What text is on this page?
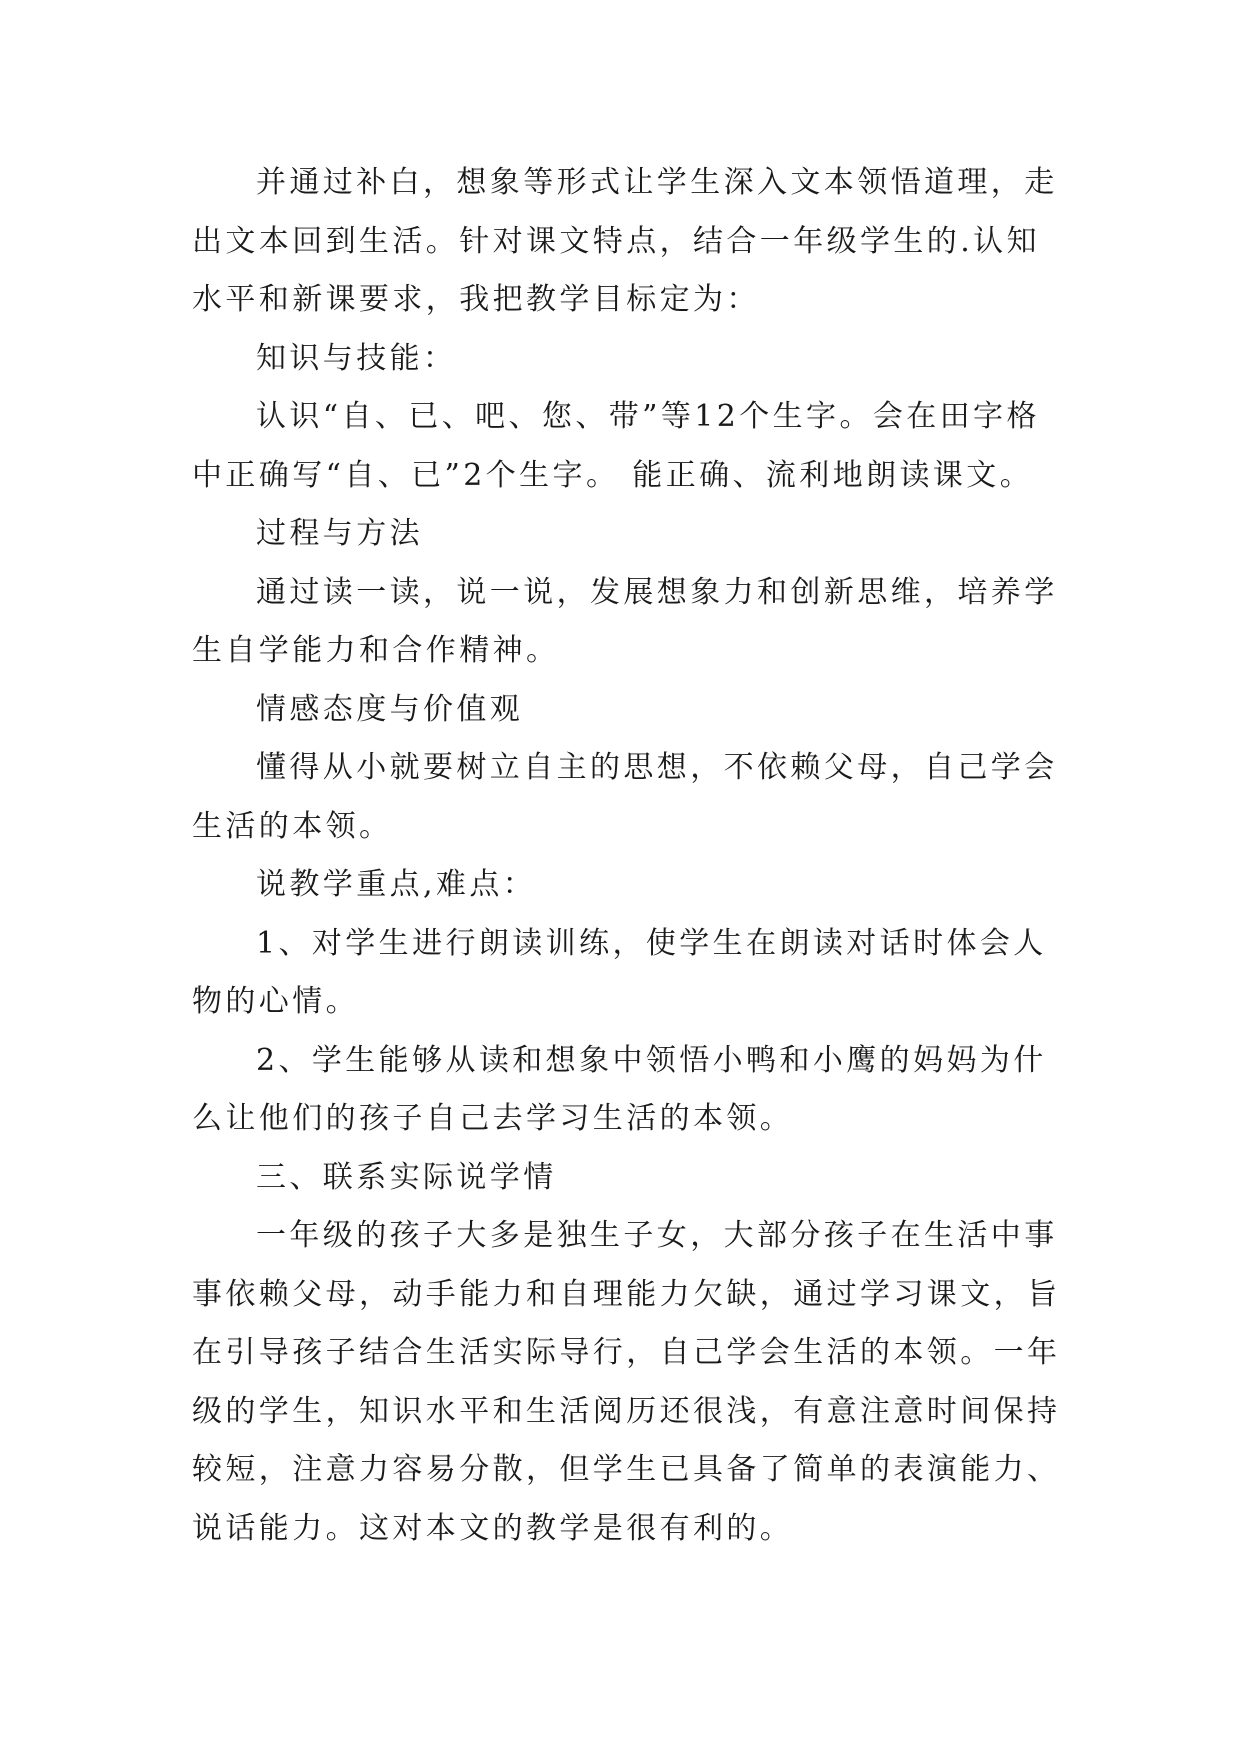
并通过补白，想象等形式让学生深入文本领悟道理，走出文本回到生活。针对课文特点，结合一年级学生的.认知水平和新课要求，我把教学目标定为：

知识与技能：

认识“自、已、吧、您、带”等12个生字。会在田字格中正确写“自、已”2个生字。 能正确、流利地朗读课文。

过程与方法

通过读一读，说一说，发展想象力和创新思维，培养学生自学能力和合作精神。

情感态度与价值观

懂得从小就要树立自主的思想，不依赖父母，自己学会生活的本领。

说教学重点,难点：

1、对学生进行朗读训练，使学生在朗读对话时体会人物的心情。

2、学生能够从读和想象中领悟小鸭和小鹰的妈妈为什么让他们的孩子自己去学习生活的本领。

三、联系实际说学情

一年级的孩子大多是独生子女，大部分孩子在生活中事事依赖父母，动手能力和自理能力欠缺，通过学习课文，旨在引导孩子结合生活实际导行，自己学会生活的本领。一年级的学生，知识水平和生活阅历还很浅，有意注意时间保持较短，注意力容易分散，但学生已具备了简单的表演能力、说话能力。这对本文的教学是很有利的。
